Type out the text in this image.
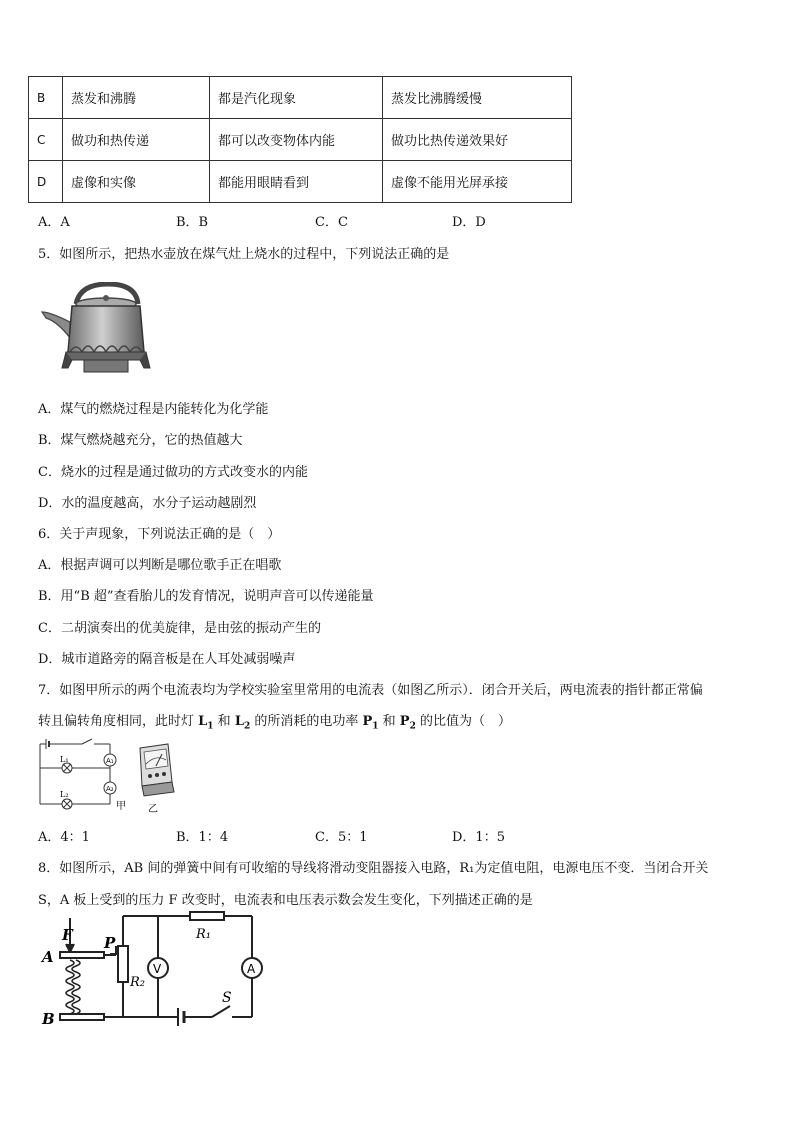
B	蒸发和沸腾	都是汽化现象	蒸发比沸腾缓慢
C	做功和热传递	都可以改变物体内能	做功比热传递效果好
D	虚像和实像	都能用眼睛看到	虚像不能用光屏承接
A．A	B．B	C．C	D．D
5．如图所示，把热水壶放在煤气灶上烧水的过程中，下列说法正确的是
A．煤气的燃烧过程是内能转化为化学能
B．煤气燃烧越充分，它的热值越大
C．烧水的过程是通过做功的方式改变水的内能
D．水的温度越高，水分子运动越剧烈
6．关于声现象，下列说法正确的是（　）
A．根据声调可以判断是哪位歌手正在唱歌
B．用“B 超”查看胎儿的发育情况，说明声音可以传递能量
C．二胡演奏出的优美旋律，是由弦的振动产生的
D．城市道路旁的隔音板是在人耳处减弱噪声
7．如图甲所示的两个电流表均为学校实验室里常用的电流表（如图乙所示）．闭合开关后，两电流表的指针都正常偏
转且偏转角度相同，此时灯 $L_1$ 和 $L_2$ 的所消耗的电功率 $P_1$ 和 $P_2$ 的比值为（　）
A₁
A₂
L₁
L₂
甲 乙
A．4：1	B．1：4	C．5：1	D．1：5
8．如图所示，AB 间的弹簧中间有可收缩的导线将滑动变阻器接入电路，R₁为定值电阻，电源电压不变．当闭合开关
S，A 板上受到的压力 F 改变时，电流表和电压表示数会发生变化，下列描述正确的是
F
A
B
P
R₂
R₁
V	A
S
